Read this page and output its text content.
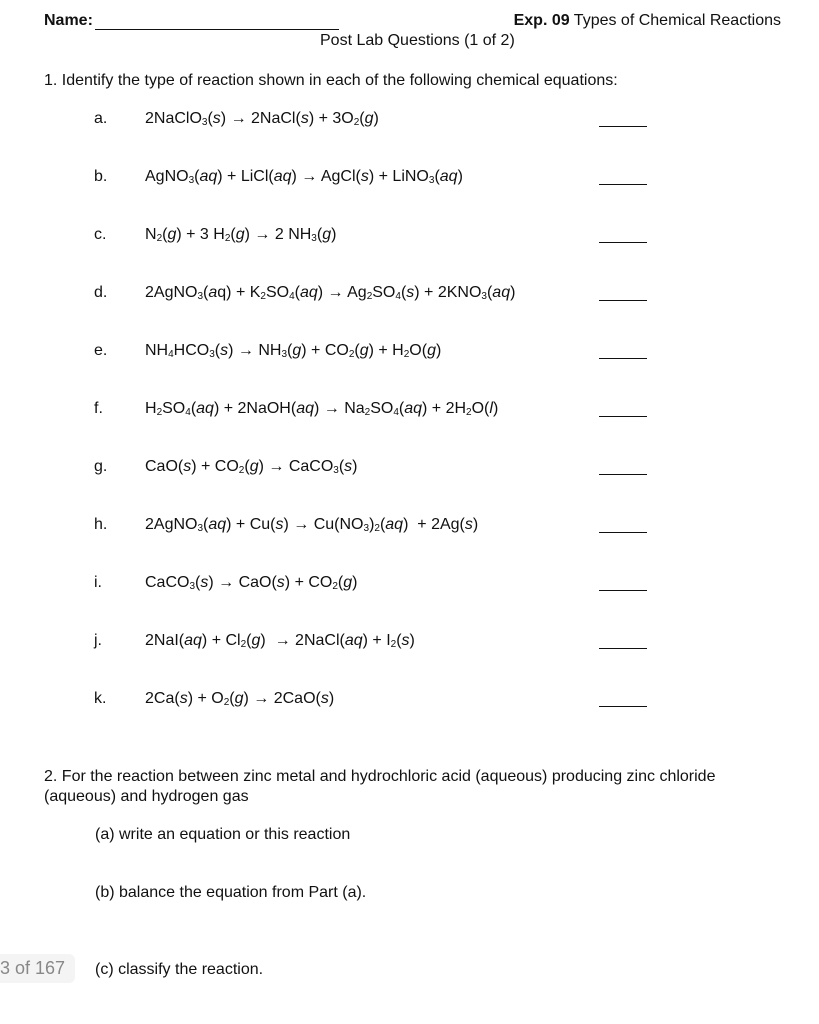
Name:	Exp. 09 Types of Chemical Reactions
Post Lab Questions (1 of 2)
1. Identify the type of reaction shown in each of the following chemical equations:
a. 2NaClO$_3$(s) → 2NaCl(s) + $3O_2(g)$
b. AgNO$_3$(aq) + LiCl(aq) → AgCl(s) + LiNO$_3$(aq)
c. $N_2(g) + 3$ $H_2(g) \to 2$ $NH_3(g)$
d. 2AgNO$_3$(aq) + $K_2SO_4(aq) \to Ag_2SO_4(s) + 2KNO_3(aq)$
e. $NH_4HCO_3(s) \to NH_3(g) + CO_2(g) + H_2O(g)$
f.	$H_2SO_4(aq)$ + 2NaOH(aq) → $Na_2SO_4(aq) + 2H_2O(l)$
g. $CaO(s) + CO_2(g)$ → CaCO$_3$(s)
h. 2AgNO$_3$(aq) + $Cu(s) \to Cu(NO_3)_2(aq) + 2Ag(s)$
i.	CaCO$_3$(s) → $CaO(s) + CO_2(g)$
j.	$2NaI(aq) + Cl_2(g)$  → 2NaCl(aq) + $I_2(s)$
k. $2Ca(s) + O_2(g) \to 2CaO(s)$
2. For the reaction between zinc metal and hydrochloric acid (aqueous) producing zinc chloride
(aqueous) and hydrogen gas
(a) write an equation or this reaction
(b) balance the equation from Part (a).
(c) classify the reaction.
3 of 167
